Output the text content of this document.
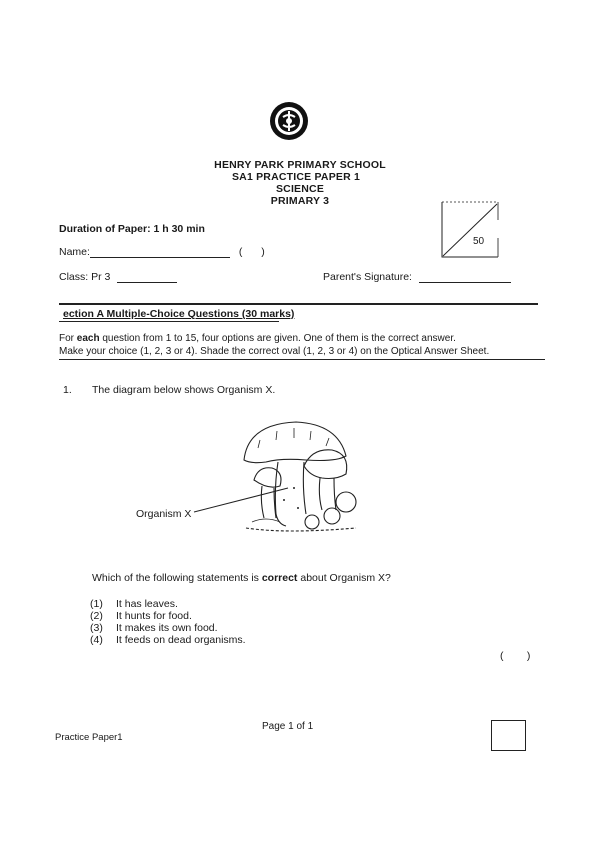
HENRY PARK PRIMARY SCHOOL
SA1 PRACTICE PAPER 1
SCIENCE
PRIMARY 3
50
Duration of Paper: 1 h 30 min
Name:	( )
Class: Pr 3	Parent's Signature:
ection A Multiple-Choice Questions (30 marks)
For each question from 1 to 15, four options are given. One of them is the correct answer.
Make your choice (1, 2, 3 or 4). Shade the correct oval (1, 2, 3 or 4) on the Optical Answer Sheet.
1. The diagram below shows Organism X.
Organism X
Which of the following statements is correct about Organism X?
(1) It has leaves.
(2) It hunts for food.
(3) It makes its own food.
(4) It feeds on dead organisms.
(        )
Page 1 of 1
Practice Paper1
